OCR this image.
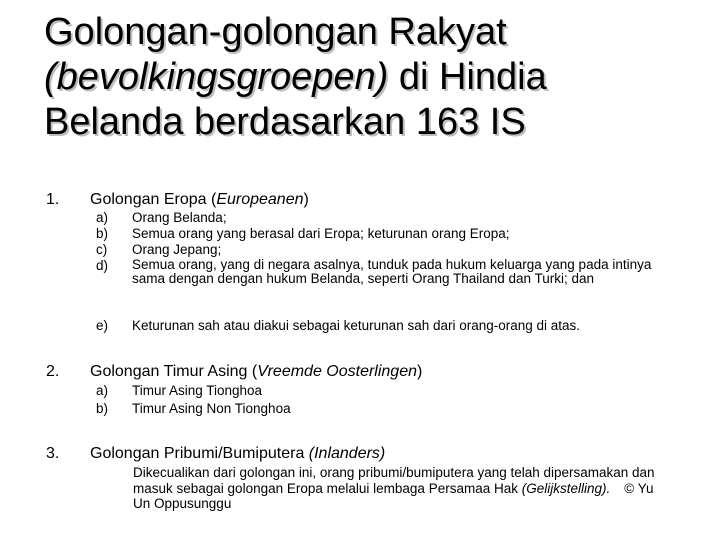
Golongan-golongan Rakyat
(bevolkingsgroepen) di Hindia
Belanda berdasarkan 163 IS
1. Golongan Eropa (Europeanen)
a)	Orang Belanda;
b)	Semua orang yang berasal dari Eropa; keturunan orang Eropa;
c)	Orang Jepang;
d)	Semua orang, yang di negara asalnya, tunduk pada hukum keluarga yang pada intinya sama dengan dengan hukum Belanda, seperti Orang Thailand dan Turki; dan
e)	Keturunan sah atau diakui sebagai keturunan sah dari orang-orang di atas.
2. Golongan Timur Asing (Vreemde Oosterlingen)
a)	Timur Asing Tionghoa
b)	Timur Asing Non Tionghoa
3. Golongan Pribumi/Bumiputera (Inlanders)
Dikecualikan dari golongan ini, orang pribumi/bumiputera yang telah dipersamakan dan masuk sebagai golongan Eropa melalui lembaga Persamaa Hak (Gelijkstelling). © Yu Un Oppusunggu
